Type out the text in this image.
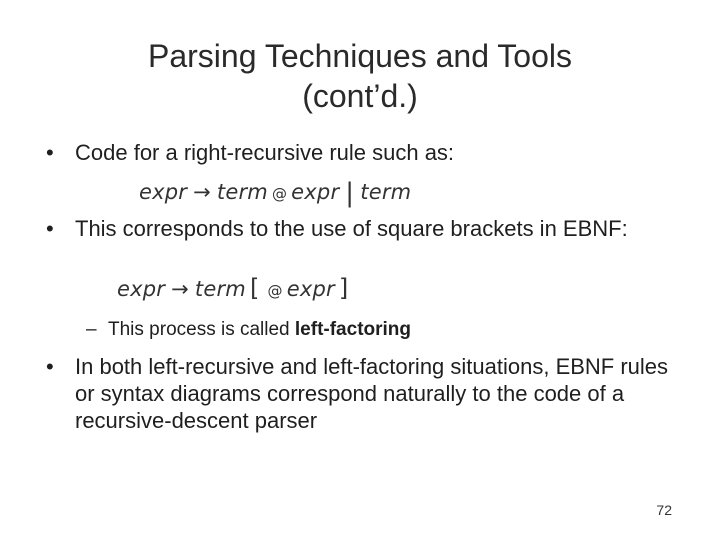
Parsing Techniques and Tools
(cont’d.)
• Code for a right-recursive rule such as:
expr → term @ expr | term
• This corresponds to the use of square brackets in EBNF:
expr → term [ @ expr ]
– This process is called left-factoring
• In both left-recursive and left-factoring situations, EBNF rules or syntax diagrams correspond naturally to the code of a recursive-descent parser
72
